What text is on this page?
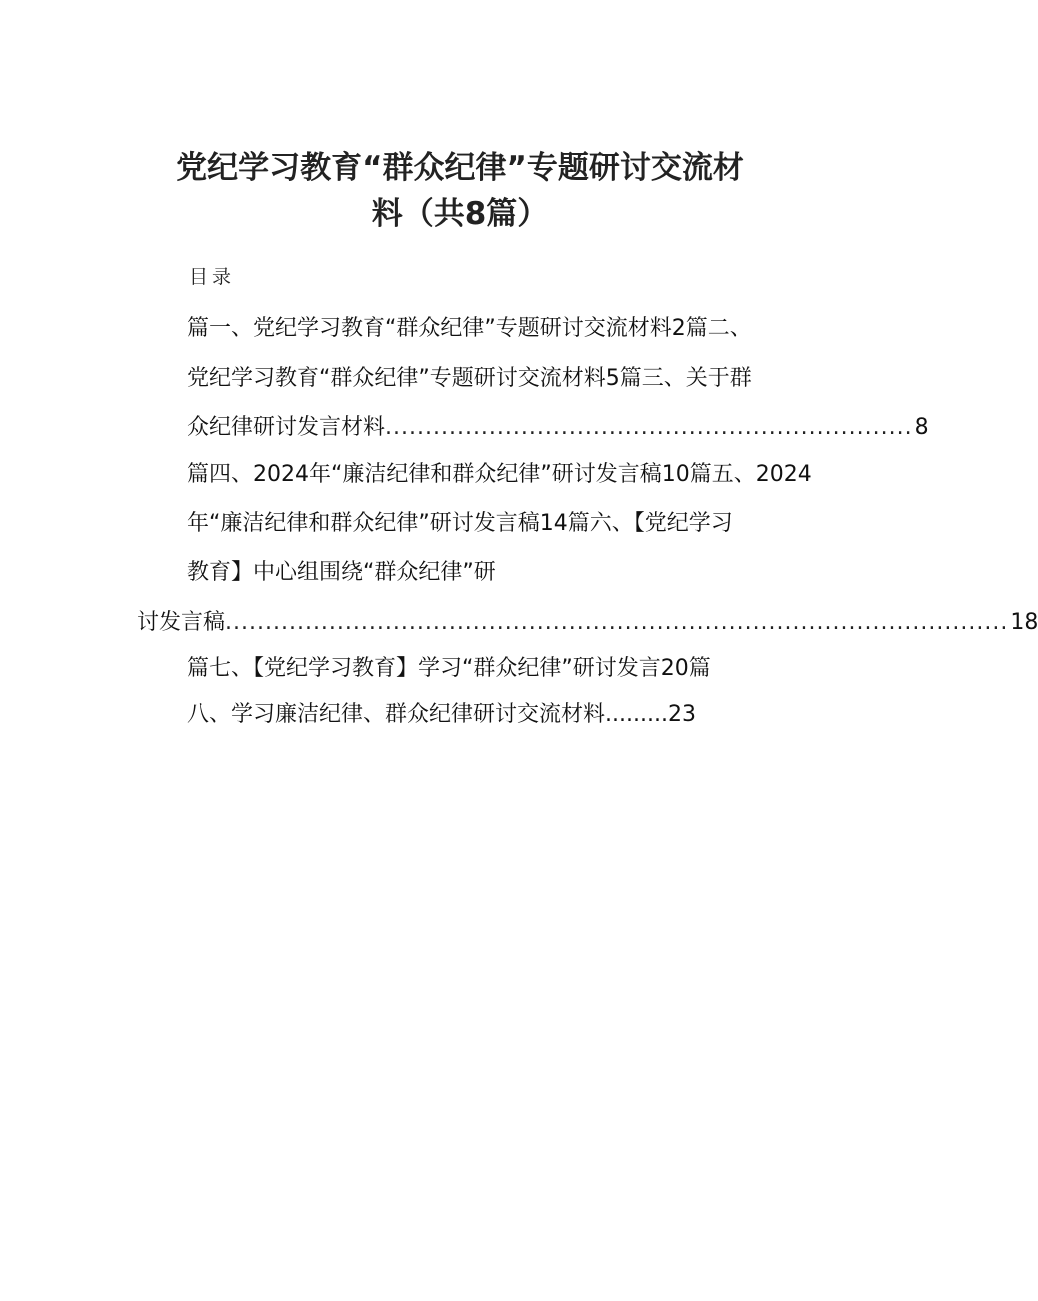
党纪学习教育“群众纪律”专题研讨交流材
料（共8篇）
目录
篇一、党纪学习教育“群众纪律”专题研讨交流材料2篇二、
党纪学习教育“群众纪律”专题研讨交流材料5篇三、关于群
众纪律研讨发言材料 .................................................................. 8
篇四、2024年“廉洁纪律和群众纪律”研讨发言稿10篇五、2024
年“廉洁纪律和群众纪律”研讨发言稿14篇六、【党纪学习
教育】中心组围绕“群众纪律”研
讨发言稿 .................................................................................................. 18
篇七、【党纪学习教育】学习“群众纪律”研讨发言20篇
八、学习廉洁纪律、群众纪律研讨交流材料.........23
